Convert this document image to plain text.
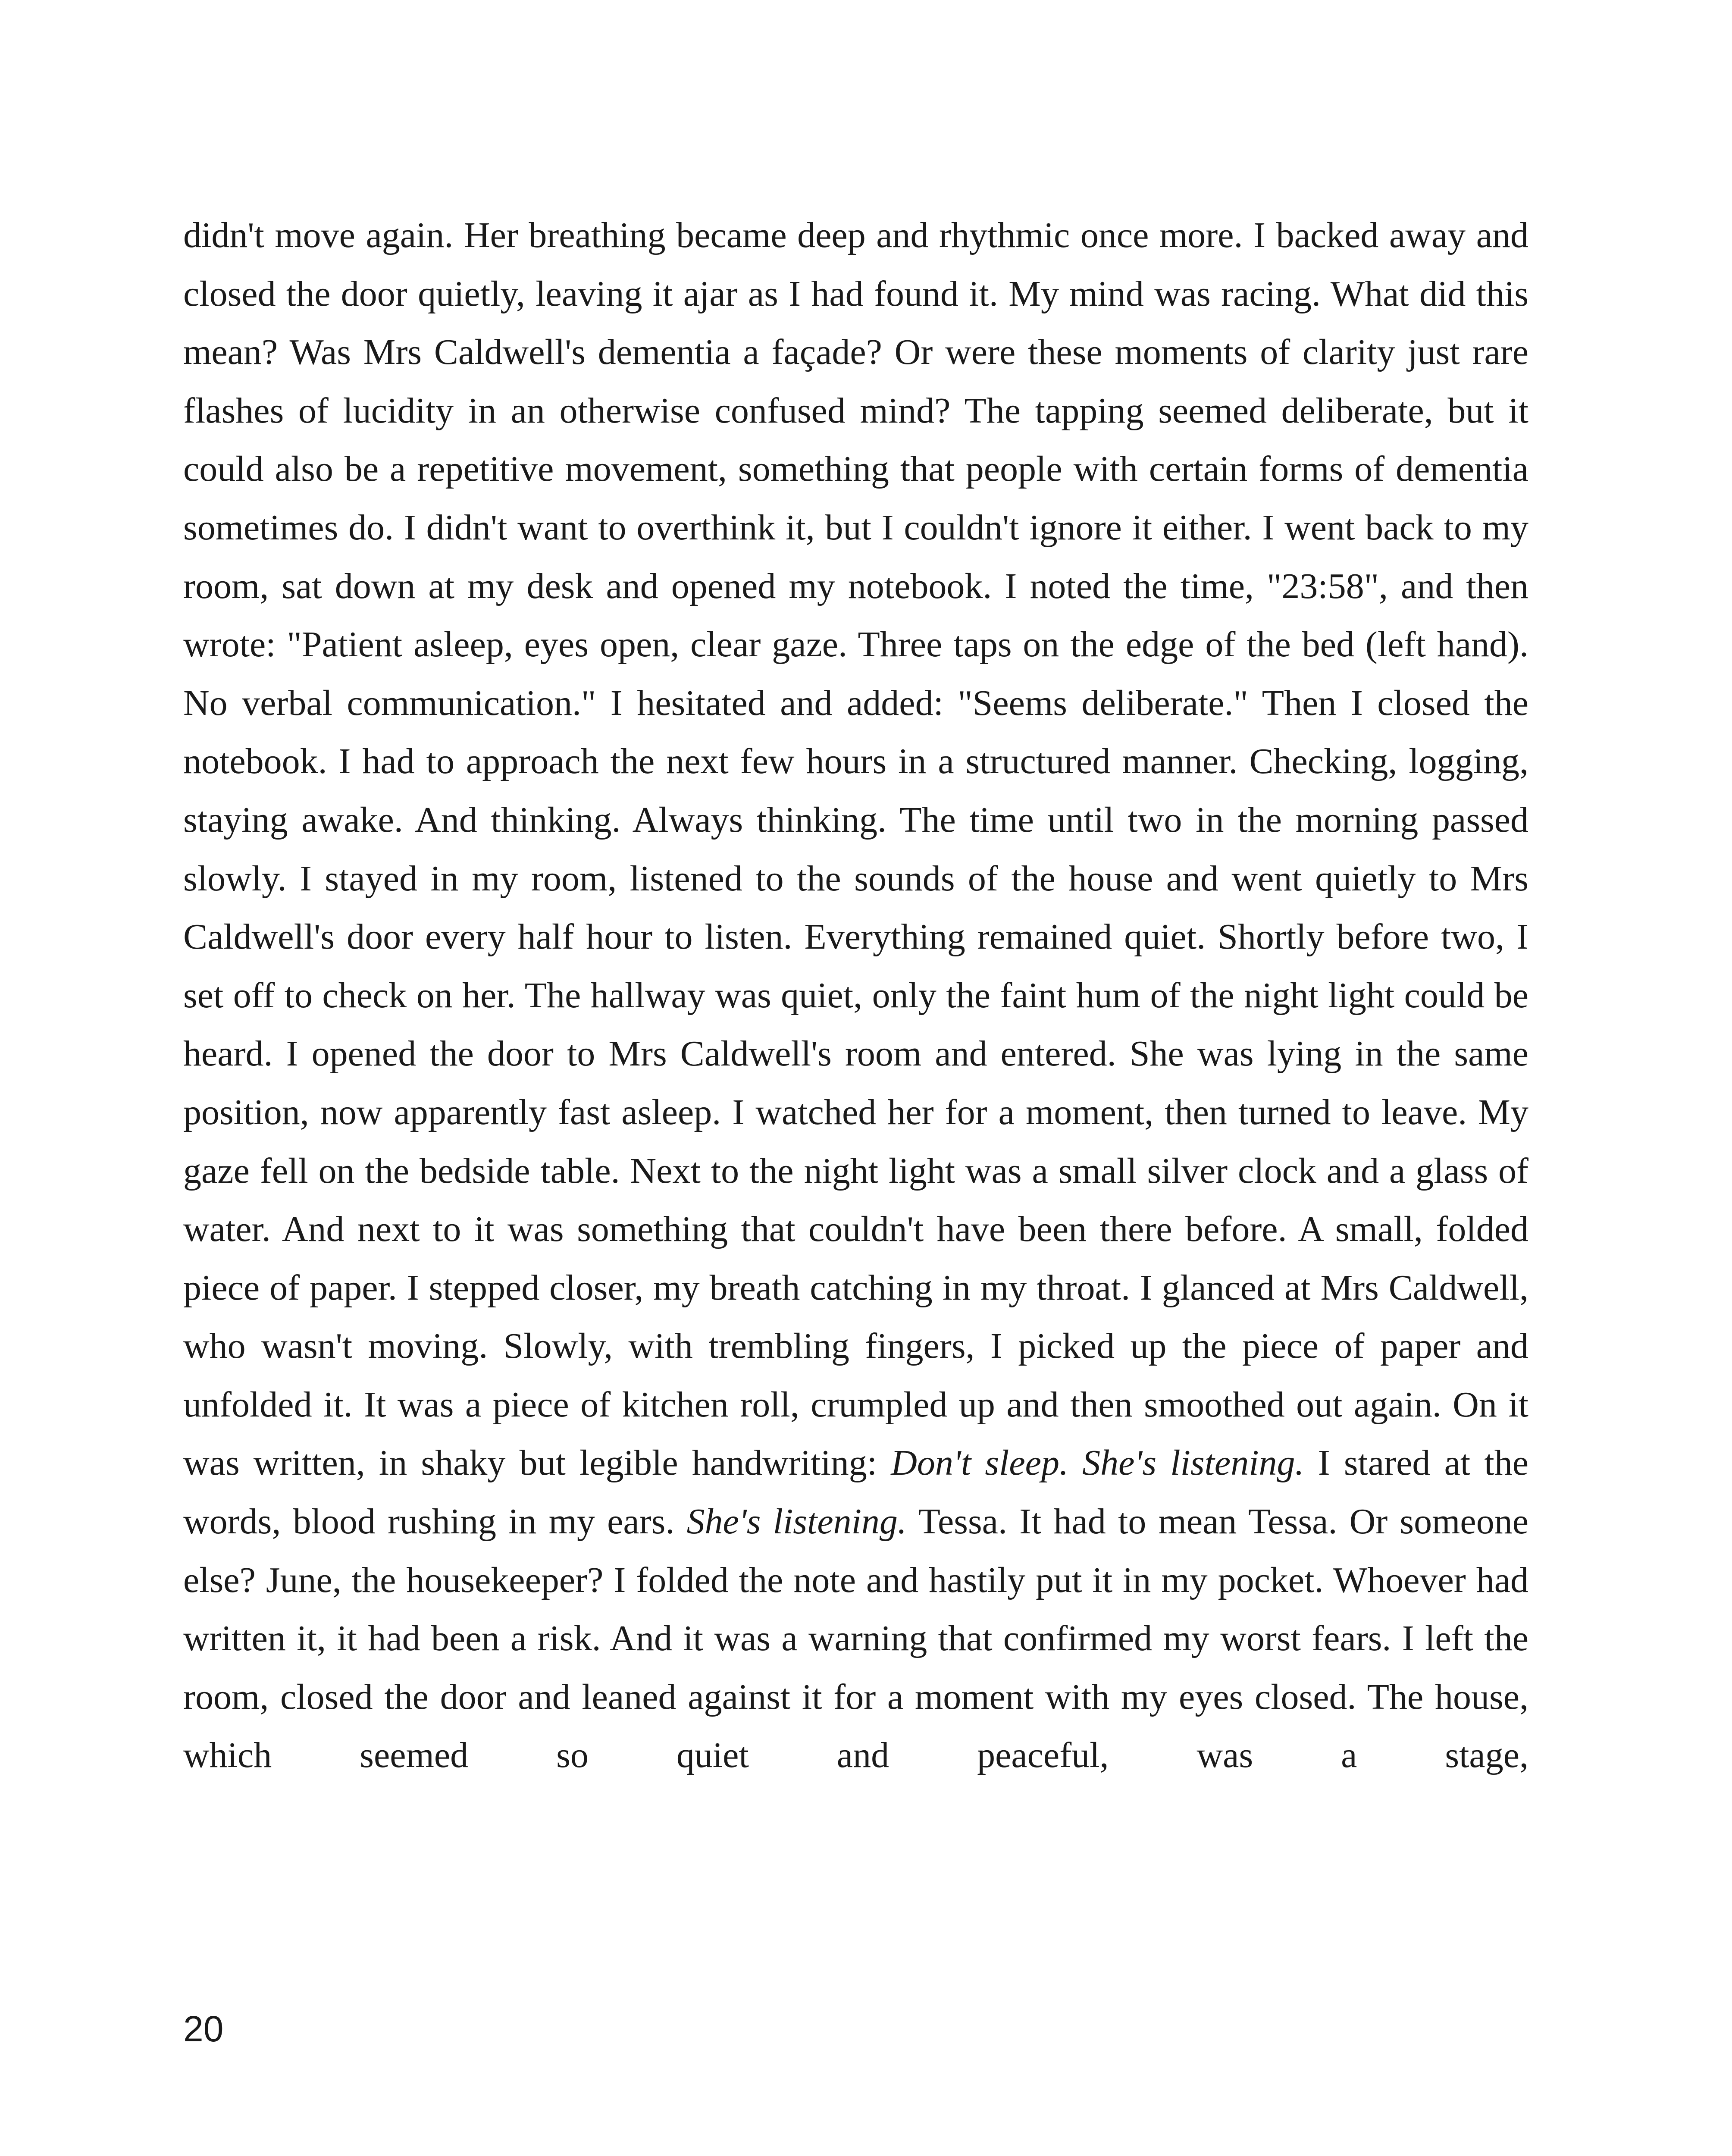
didn't move again. Her breathing became deep and rhythmic once more. I backed away and closed the door quietly, leaving it ajar as I had found it. My mind was racing. What did this mean? Was Mrs Caldwell's dementia a façade? Or were these moments of clarity just rare flashes of lucidity in an otherwise confused mind? The tapping seemed deliberate, but it could also be a repetitive movement, something that people with certain forms of dementia sometimes do. I didn't want to overthink it, but I couldn't ignore it either. I went back to my room, sat down at my desk and opened my notebook. I noted the time, "23:58", and then wrote: "Patient asleep, eyes open, clear gaze. Three taps on the edge of the bed (left hand). No verbal communication." I hesitated and added: "Seems deliberate." Then I closed the notebook. I had to approach the next few hours in a structured manner. Checking, logging, staying awake. And thinking. Always thinking. The time until two in the morning passed slowly. I stayed in my room, listened to the sounds of the house and went quietly to Mrs Caldwell's door every half hour to listen. Everything remained quiet. Shortly before two, I set off to check on her. The hallway was quiet, only the faint hum of the night light could be heard. I opened the door to Mrs Caldwell's room and entered. She was lying in the same position, now apparently fast asleep. I watched her for a moment, then turned to leave. My gaze fell on the bedside table. Next to the night light was a small silver clock and a glass of water. And next to it was something that couldn't have been there before. A small, folded piece of paper. I stepped closer, my breath catching in my throat. I glanced at Mrs Caldwell, who wasn't moving. Slowly, with trembling fingers, I picked up the piece of paper and unfolded it. It was a piece of kitchen roll, crumpled up and then smoothed out again. On it was written, in shaky but legible handwriting: Don't sleep. She's listening. I stared at the words, blood rushing in my ears. She's listening. Tessa. It had to mean Tessa. Or someone else? June, the housekeeper? I folded the note and hastily put it in my pocket. Whoever had written it, it had been a risk. And it was a warning that confirmed my worst fears. I left the room, closed the door and leaned against it for a moment with my eyes closed. The house, which seemed so quiet and peaceful, was a stage,

20
